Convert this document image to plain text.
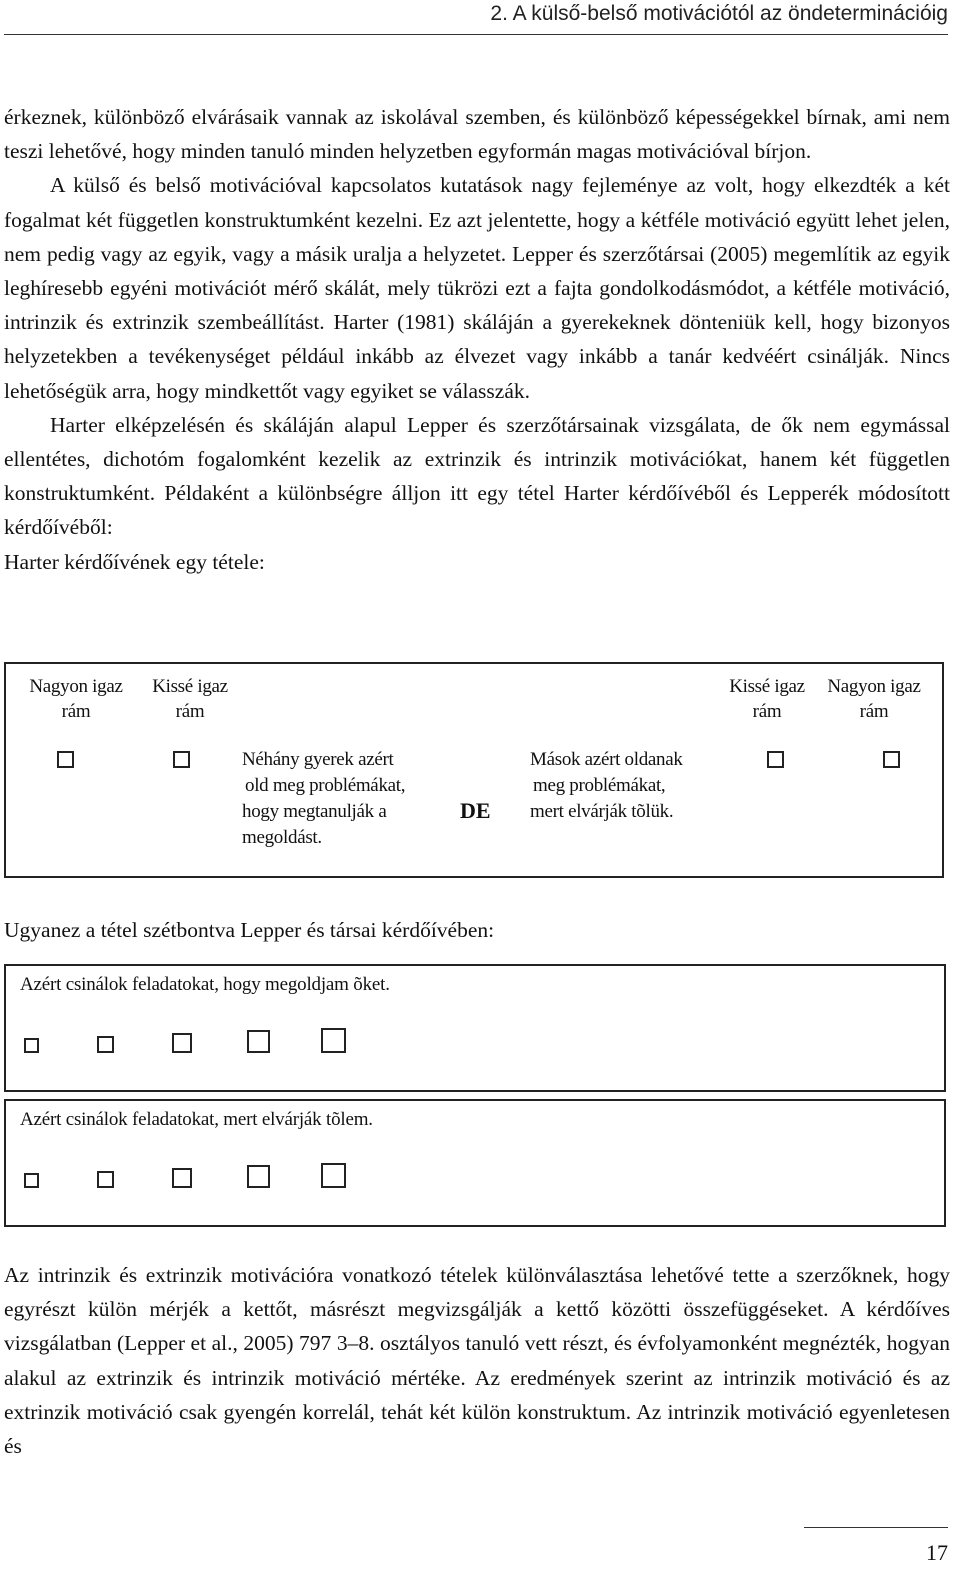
2. A külső-belső motivációtól az öndeterminációig

érkeznek, különböző elvárásaik vannak az iskolával szemben, és különböző képességekkel bírnak, ami nem teszi lehetővé, hogy minden tanuló minden helyzetben egyformán magas motivációval bírjon.

A külső és belső motivációval kapcsolatos kutatások nagy fejleménye az volt, hogy elkezdték a két fogalmat két független konstruktumként kezelni. Ez azt jelentette, hogy a kétféle motiváció együtt lehet jelen, nem pedig vagy az egyik, vagy a másik uralja a helyzetet. Lepper és szerzőtársai (2005) megemlítik az egyik leghíresebb egyéni motivációt mérő skálát, mely tükrözi ezt a fajta gondolkodásmódot, a kétféle motiváció, intrinzik és extrinzik szembeállítást. Harter (1981) skáláján a gyerekeknek dönteniük kell, hogy bizonyos helyzetekben a tevékenységet például inkább az élvezet vagy inkább a tanár kedvéért csinálják. Nincs lehetőségük arra, hogy mindkettőt vagy egyiket se válasszák.

Harter elképzelésén és skáláján alapul Lepper és szerzőtársainak vizsgálata, de ők nem egymással ellentétes, dichotóm fogalomként kezelik az extrinzik és intrinzik motivációkat, hanem két független konstruktumként. Példaként a különbségre álljon itt egy tétel Harter kérdőívéből és Lepperék módosított kérdőívéből:

Harter kérdőívének egy tétele:

Nagyon igaz
rám
Kissé igaz
rám
Kissé igaz
rám
Nagyon igaz
rám
Néhány gyerek azért
old meg problémákat,
hogy megtanulják a
megoldást.
DE
Mások azért oldanak
meg problémákat,
mert elvárják tõlük.
Ugyanez a tétel szétbontva Lepper és társai kérdőívében:
Azért csinálok feladatokat, hogy megoldjam õket.
Azért csinálok feladatokat, mert elvárják tõlem.

Az intrinzik és extrinzik motivációra vonatkozó tételek különválasztása lehetővé tette a szerzőknek, hogy egyrészt külön mérjék a kettőt, másrészt megvizsgálják a kettő közötti összefüggéseket. A kérdőíves vizsgálatban (Lepper et al., 2005) 797 3–8. osztályos tanuló vett részt, és évfolyamonként megnézték, hogyan alakul az extrinzik és intrinzik motiváció mértéke. Az eredmények szerint az intrinzik motiváció és az extrinzik motiváció csak gyengén korrelál, tehát két külön konstruktum. Az intrinzik motiváció egyenletesen és

17
